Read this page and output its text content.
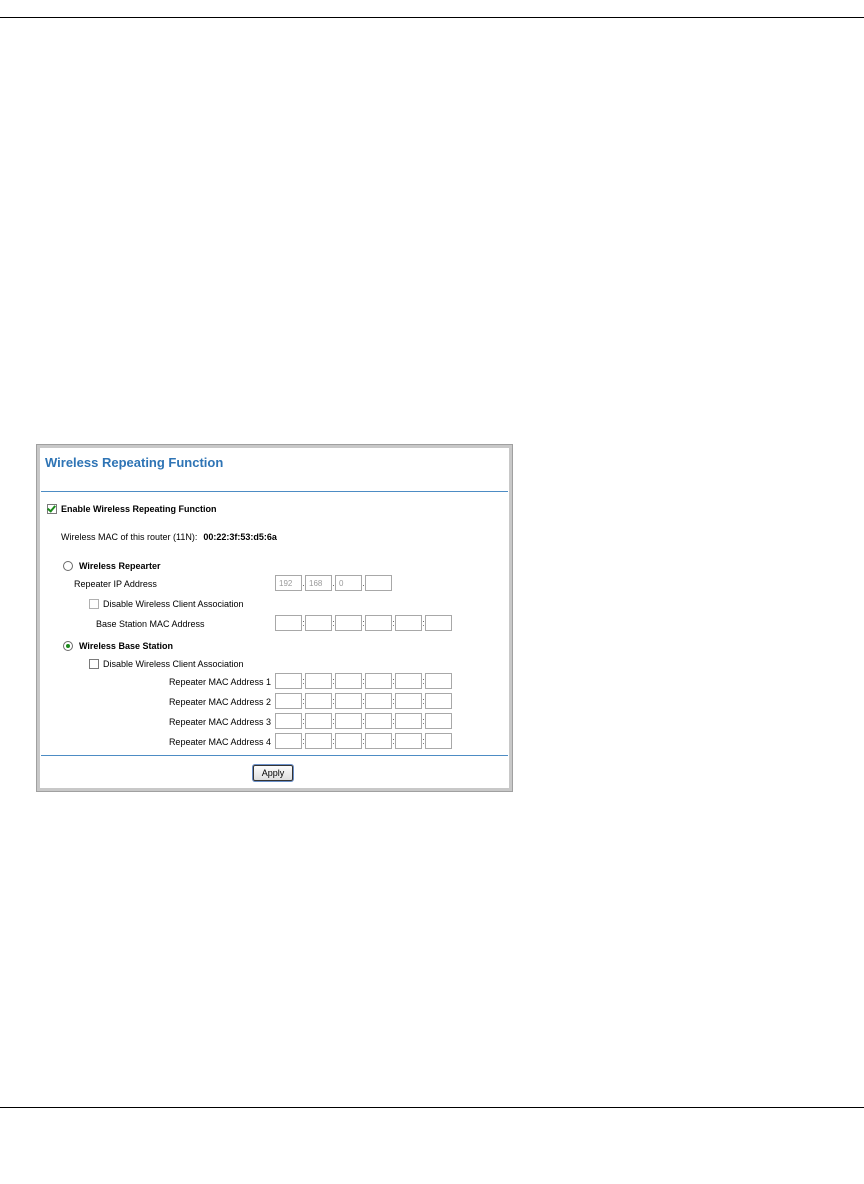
Wireless Repeating Function
Enable Wireless Repeating Function
Wireless MAC of this router (11N): 00:22:3f:53:d5:6a
Wireless Repearter
Repeater IP Address	192	. 168	. 0	.
Disable Wireless Client Association
Base Station MAC Address	:	:	:	:	:
Wireless Base Station
Disable Wireless Client Association
Repeater MAC Address 1	:	:	:	:	:
Repeater MAC Address 2	:	:	:	:	:
Repeater MAC Address 3	:	:	:	:	:
Repeater MAC Address 4	:	:	:	:	:
Apply
